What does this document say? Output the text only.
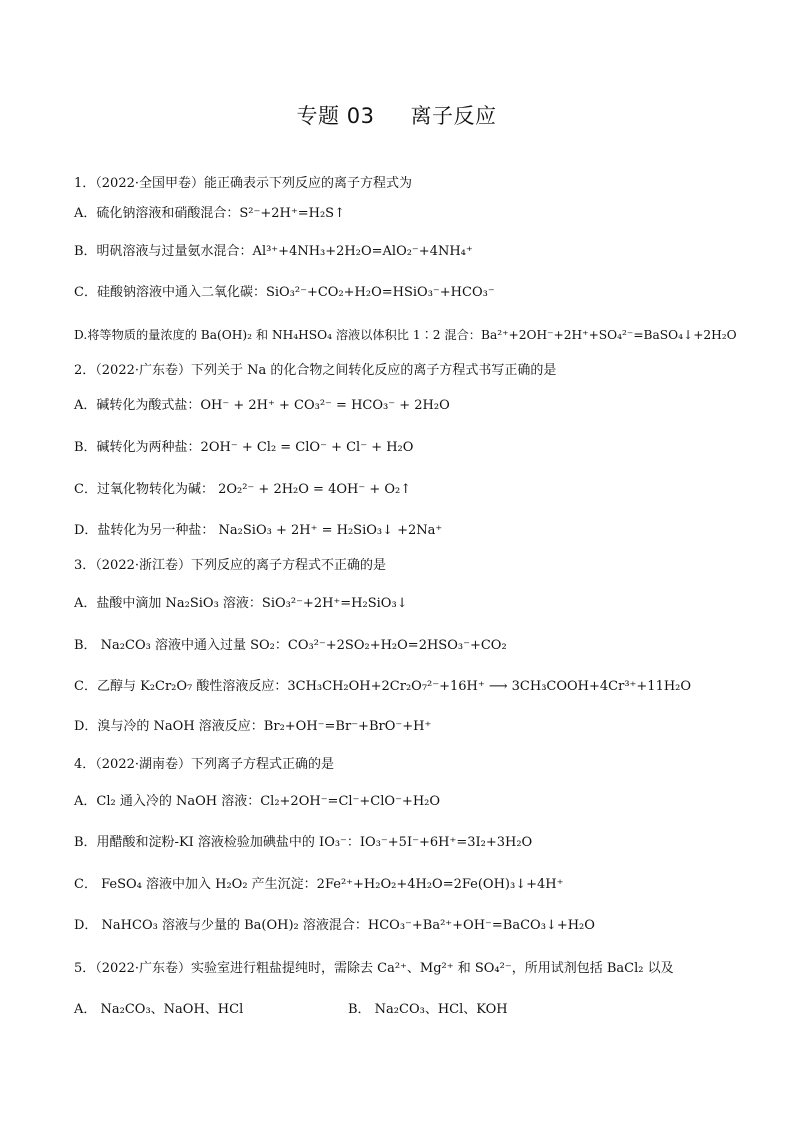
专题 03 离子反应
1．（2022·全国甲卷）能正确表示下列反应的离子方程式为
A．硫化钠溶液和硝酸混合：S²⁻+2H⁺=H₂S↑
B．明矾溶液与过量氨水混合：Al³⁺+4NH₃+2H₂O=AlO₂⁻+4NH₄⁺
C．硅酸钠溶液中通入二氧化碳：SiO₃²⁻+CO₂+H₂O=HSiO₃⁻+HCO₃⁻
D.将等物质的量浓度的 Ba(OH)₂ 和 NH₄HSO₄ 溶液以体积比 1∶2 混合：Ba²⁺+2OH⁻+2H⁺+SO₄²⁻=BaSO₄↓+2H₂O
2．（2022·广东卷）下列关于 Na 的化合物之间转化反应的离子方程式书写正确的是
A．碱转化为酸式盐：OH⁻ + 2H⁺ + CO₃²⁻ = HCO₃⁻ + 2H₂O
B．碱转化为两种盐：2OH⁻ + Cl₂ = ClO⁻ + Cl⁻ + H₂O
C．过氧化物转化为碱： 2O₂²⁻ + 2H₂O = 4OH⁻ + O₂↑
D．盐转化为另一种盐： Na₂SiO₃ + 2H⁺ = H₂SiO₃↓ +2Na⁺
3．（2022·浙江卷）下列反应的离子方程式不正确的是
A．盐酸中滴加 Na₂SiO₃ 溶液：SiO₃²⁻+2H⁺=H₂SiO₃↓
B． Na₂CO₃ 溶液中通入过量 SO₂：CO₃²⁻+2SO₂+H₂O=2HSO₃⁻+CO₂
C．乙醇与 K₂Cr₂O₇ 酸性溶液反应：3CH₃CH₂OH+2Cr₂O₇²⁻+16H⁺ ⟶ 3CH₃COOH+4Cr³⁺+11H₂O
D．溴与冷的 NaOH 溶液反应：Br₂+OH⁻=Br⁻+BrO⁻+H⁺
4．（2022·湖南卷）下列离子方程式正确的是
A．Cl₂ 通入冷的 NaOH 溶液：Cl₂+2OH⁻=Cl⁻+ClO⁻+H₂O
B．用醋酸和淀粉-KI 溶液检验加碘盐中的 IO₃⁻：IO₃⁻+5I⁻+6H⁺=3I₂+3H₂O
C． FeSO₄ 溶液中加入 H₂O₂ 产生沉淀：2Fe²⁺+H₂O₂+4H₂O=2Fe(OH)₃↓+4H⁺
D． NaHCO₃ 溶液与少量的 Ba(OH)₂ 溶液混合：HCO₃⁻+Ba²⁺+OH⁻=BaCO₃↓+H₂O
5．（2022·广东卷）实验室进行粗盐提纯时，需除去 Ca²⁺、Mg²⁺ 和 SO₄²⁻，所用试剂包括 BaCl₂ 以及
A． Na₂CO₃、NaOH、HCl	B． Na₂CO₃、HCl、KOH
